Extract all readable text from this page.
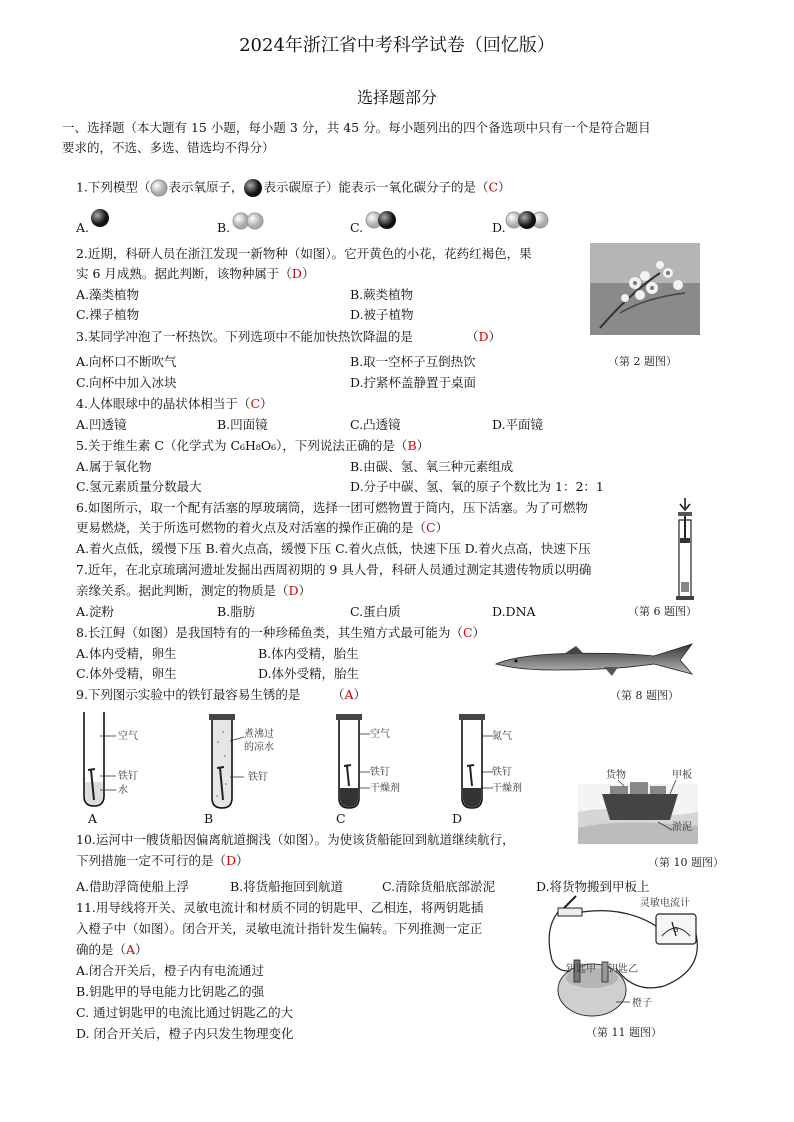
2024年浙江省中考科学试卷（回忆版）
选择题部分
一、选择题（本大题有 15 小题，每小题 3 分，共 45 分。每小题列出的四个备选项中只有一个是符合题目
要求的，不选、多选、错选均不得分）
1.下列模型（ 表示氧原子， 表示碳原子）能表示一氧化碳分子的是（C）
A.	B.	C.	D.
2.近期，科研人员在浙江发现一新物种（如图）。它开黄色的小花，花药红褐色，果
实 6 月成熟。据此判断，该物种属于（D）
A.藻类植物	B.蕨类植物
C.裸子植物	D.被子植物
（第 2 题图）
3.某同学冲泡了一杯热饮。下列选项中不能加快热饮降温的是	（D）
A.向杯口不断吹气	B.取一空杯子互倒热饮
C.向杯中加入冰块	D.拧紧杯盖静置于桌面
4.人体眼球中的晶状体相当于（C）
A.凹透镜	B.凹面镜	C.凸透镜	D.平面镜
5.关于维生素 C（化学式为 C₆H₈O₆），下列说法正确的是（B）
A.属于氧化物	B.由碳、氢、氧三种元素组成
C.氢元素质量分数最大	D.分子中碳、氢、氧的原子个数比为 1：2：1
6.如图所示，取一个配有活塞的厚玻璃筒，选择一团可燃物置于筒内，压下活塞。为了可燃物
更易燃烧，关于所选可燃物的着火点及对活塞的操作正确的是（C）
A.着火点低，缓慢下压 B.着火点高，缓慢下压 C.着火点低，快速下压 D.着火点高，快速下压
（第 6 题图）
7.近年，在北京琉璃河遗址发掘出西周初期的 9 具人骨，科研人员通过测定其遗传物质以明确
亲缘关系。据此判断，测定的物质是（D）
A.淀粉	B.脂肪	C.蛋白质	D.DNA
8.长江鲟（如图）是我国特有的一种珍稀鱼类，其生殖方式最可能为（C）
A.体内受精，卵生	B.体内受精，胎生
C.体外受精，卵生	D.体外受精，胎生
（第 8 题图）
9.下列图示实验中的铁钉最容易生锈的是	（A）
空气
铁钉
水
A
煮沸过
的凉水
铁钉
B
空气
铁钉
干燥剂
C
氮气
铁钉
干燥剂
D
货物	甲板
淤泥
10.运河中一艘货船因偏离航道搁浅（如图）。为使该货船能回到航道继续航行，
下列措施一定不可行的是（D）	（第 10 题图）
A.借助浮筒使船上浮	B.将货船拖回到航道	C.清除货船底部淤泥	D.将货物搬到甲板上
11.用导线将开关、灵敏电流计和材质不同的钥匙甲、乙相连，将两钥匙插
入橙子中（如图）。闭合开关，灵敏电流计指针发生偏转。下列推测一定正
确的是（A）
A.闭合开关后，橙子内有电流通过
B.钥匙甲的导电能力比钥匙乙的强
C. 通过钥匙甲的电流比通过钥匙乙的大
D. 闭合开关后，橙子内只发生物理变化
G
灵敏电流计
钥匙甲 钥匙乙
橙子
（第 11 题图）
